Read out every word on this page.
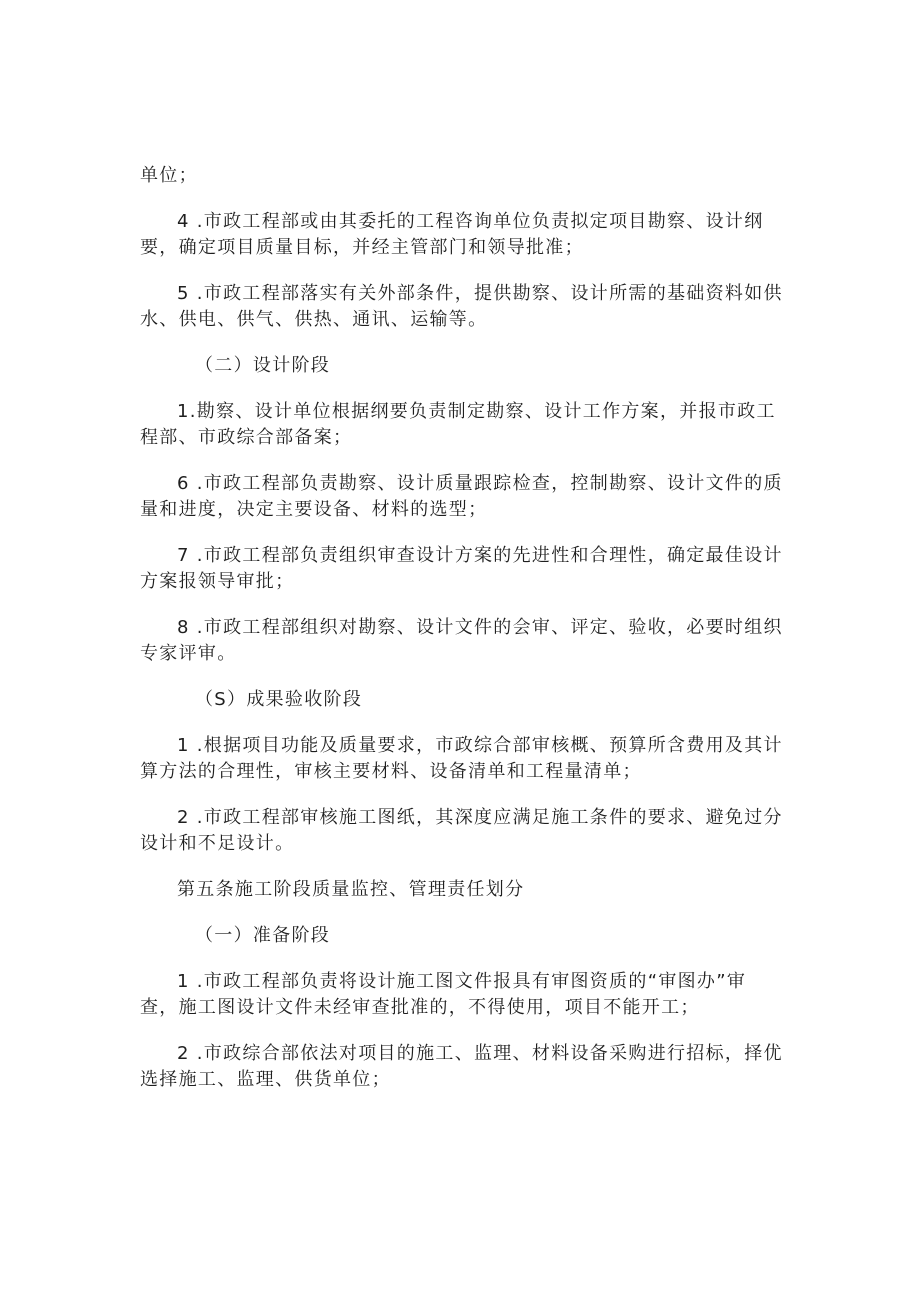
单位；
4 .市政工程部或由其委托的工程咨询单位负责拟定项目勘察、设计纲
要，确定项目质量目标，并经主管部门和领导批准；
5 .市政工程部落实有关外部条件，提供勘察、设计所需的基础资料如供
水、供电、供气、供热、通讯、运输等。
（二）设计阶段
1.勘察、设计单位根据纲要负责制定勘察、设计工作方案，并报市政工
程部、市政综合部备案；
6 .市政工程部负责勘察、设计质量跟踪检查，控制勘察、设计文件的质
量和进度，决定主要设备、材料的选型；
7 .市政工程部负责组织审查设计方案的先进性和合理性，确定最佳设计
方案报领导审批；
8 .市政工程部组织对勘察、设计文件的会审、评定、验收，必要时组织
专家评审。
（S）成果验收阶段
1 .根据项目功能及质量要求，市政综合部审核概、预算所含费用及其计
算方法的合理性，审核主要材料、设备清单和工程量清单；
2 .市政工程部审核施工图纸，其深度应满足施工条件的要求、避免过分
设计和不足设计。
第五条施工阶段质量监控、管理责任划分
（一）准备阶段
1 .市政工程部负责将设计施工图文件报具有审图资质的“审图办”审
查，施工图设计文件未经审查批准的，不得使用，项目不能开工；
2 .市政综合部依法对项目的施工、监理、材料设备采购进行招标，择优
选择施工、监理、供货单位；
